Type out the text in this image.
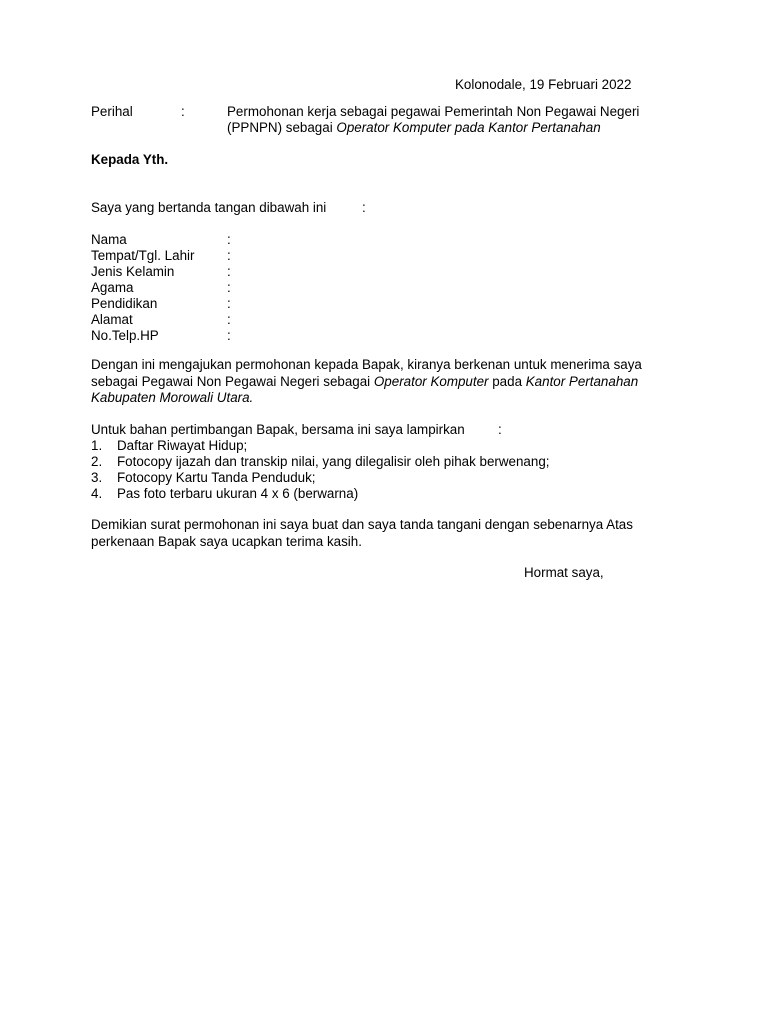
Kolonodale, 19 Februari 2022
Perihal	:	Permohonan kerja sebagai pegawai Pemerintah Non Pegawai Negeri
(PPNPN) sebagai Operator Komputer pada Kantor Pertanahan
Kepada Yth.
Saya yang bertanda tangan dibawah ini	:
Nama	:
Tempat/Tgl. Lahir :
Jenis Kelamin	:
Agama	:
Pendidikan	:
Alamat	:
No.Telp.HP	:
Dengan ini mengajukan permohonan kepada Bapak, kiranya berkenan untuk menerima saya
sebagai Pegawai Non Pegawai Negeri sebagai Operator Komputer pada Kantor Pertanahan
Kabupaten Morowali Utara.
Untuk bahan pertimbangan Bapak, bersama ini saya lampirkan :
1. Daftar Riwayat Hidup;
2. Fotocopy ijazah dan transkip nilai, yang dilegalisir oleh pihak berwenang;
3. Fotocopy Kartu Tanda Penduduk;
4. Pas foto terbaru ukuran 4 x 6 (berwarna)
Demikian surat permohonan ini saya buat dan saya tanda tangani dengan sebenarnya Atas
perkenaan Bapak saya ucapkan terima kasih.
Hormat saya,
